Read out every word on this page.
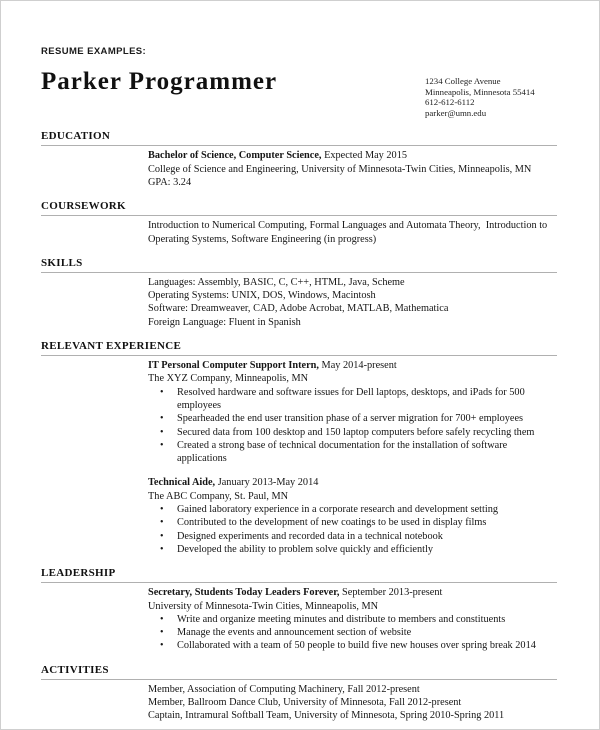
RESUME EXAMPLES:
Parker Programmer	1234 College Avenue
Minneapolis, Minnesota 55414
612-612-6112
parker@umn.edu
EDUCATION
Bachelor of Science, Computer Science, Expected May 2015
College of Science and Engineering, University of Minnesota-Twin Cities, Minneapolis, MN
GPA: 3.24
COURSEWORK
Introduction to Numerical Computing, Formal Languages and Automata Theory,  Introduction to Operating Systems, Software Engineering (in progress)
SKILLS
Languages: Assembly, BASIC, C, C++, HTML, Java, Scheme
Operating Systems: UNIX, DOS, Windows, Macintosh
Software: Dreamweaver, CAD, Adobe Acrobat, MATLAB, Mathematica
Foreign Language: Fluent in Spanish
RELEVANT EXPERIENCE
IT Personal Computer Support Intern, May 2014-present
The XYZ Company, Minneapolis, MN
•	Resolved hardware and software issues for Dell laptops, desktops, and iPads for 500 employees
•	Spearheaded the end user transition phase of a server migration for 700+ employees
•	Secured data from 100 desktop and 150 laptop computers before safely recycling them
•	Created a strong base of technical documentation for the installation of software applications
Technical Aide, January 2013-May 2014
The ABC Company, St. Paul, MN
•	Gained laboratory experience in a corporate research and development setting
•	Contributed to the development of new coatings to be used in display films
•	Designed experiments and recorded data in a technical notebook
•	Developed the ability to problem solve quickly and efficiently
LEADERSHIP
Secretary, Students Today Leaders Forever, September 2013-present
University of Minnesota-Twin Cities, Minneapolis, MN
•	Write and organize meeting minutes and distribute to members and constituents
•	Manage the events and announcement section of website
•	Collaborated with a team of 50 people to build five new houses over spring break 2014
ACTIVITIES
Member, Association of Computing Machinery, Fall 2012-present
Member, Ballroom Dance Club, University of Minnesota, Fall 2012-present
Captain, Intramural Softball Team, University of Minnesota, Spring 2010-Spring 2011
